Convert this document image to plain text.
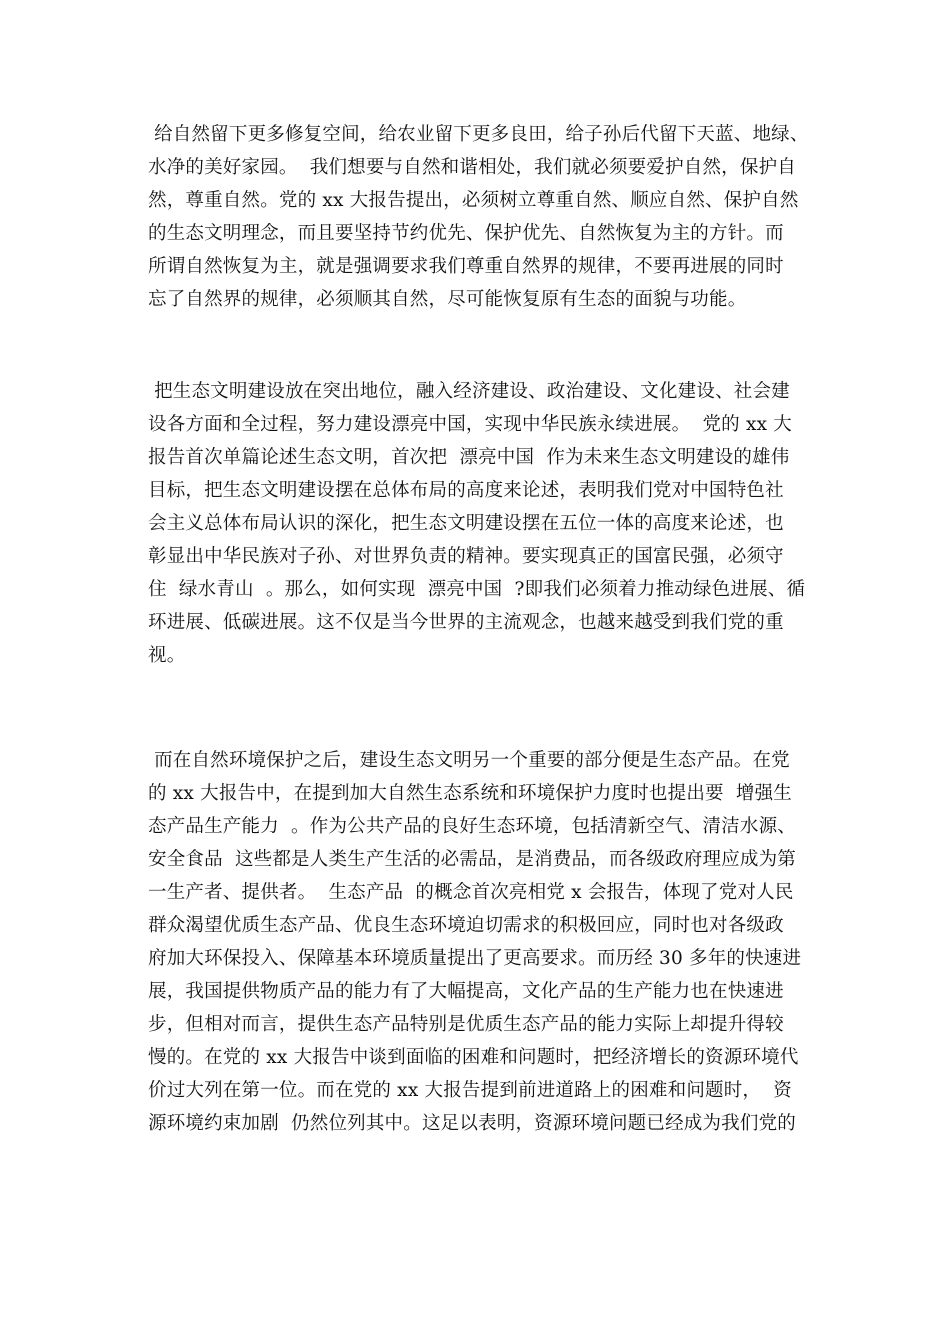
给自然留下更多修复空间，给农业留下更多良田，给子孙后代留下天蓝、地绿、
水净的美好家园。  我们想要与自然和谐相处，我们就必须要爱护自然，保护自
然，尊重自然。党的 xx 大报告提出，必须树立尊重自然、顺应自然、保护自然
的生态文明理念，而且要坚持节约优先、保护优先、自然恢复为主的方针。而
所谓自然恢复为主，就是强调要求我们尊重自然界的规律，不要再进展的同时
忘了自然界的规律，必须顺其自然，尽可能恢复原有生态的面貌与功能。
把生态文明建设放在突出地位，融入经济建设、政治建设、文化建设、社会建
设各方面和全过程，努力建设漂亮中国，实现中华民族永续进展。  党的 xx 大
报告首次单篇论述生态文明，首次把  漂亮中国  作为未来生态文明建设的雄伟
目标，把生态文明建设摆在总体布局的高度来论述，表明我们党对中国特色社
会主义总体布局认识的深化，把生态文明建设摆在五位一体的高度来论述，也
彰显出中华民族对子孙、对世界负责的精神。要实现真正的国富民强，必须守
住  绿水青山  。那么，如何实现  漂亮中国  ?即我们必须着力推动绿色进展、循
环进展、低碳进展。这不仅是当今世界的主流观念，也越来越受到我们党的重
视。
而在自然环境保护之后，建设生态文明另一个重要的部分便是生态产品。在党
的 xx 大报告中，在提到加大自然生态系统和环境保护力度时也提出要  增强生
态产品生产能力  。作为公共产品的良好生态环境，包括清新空气、清洁水源、
安全食品  这些都是人类生产生活的必需品，是消费品，而各级政府理应成为第
一生产者、提供者。  生态产品  的概念首次亮相党 x 会报告，体现了党对人民
群众渴望优质生态产品、优良生态环境迫切需求的积极回应，同时也对各级政
府加大环保投入、保障基本环境质量提出了更高要求。而历经 30 多年的快速进
展，我国提供物质产品的能力有了大幅提高，文化产品的生产能力也在快速进
步，但相对而言，提供生态产品特别是优质生态产品的能力实际上却提升得较
慢的。在党的 xx 大报告中谈到面临的困难和问题时，把经济增长的资源环境代
价过大列在第一位。而在党的 xx 大报告提到前进道路上的困难和问题时，  资
源环境约束加剧  仍然位列其中。这足以表明，资源环境问题已经成为我们党的
